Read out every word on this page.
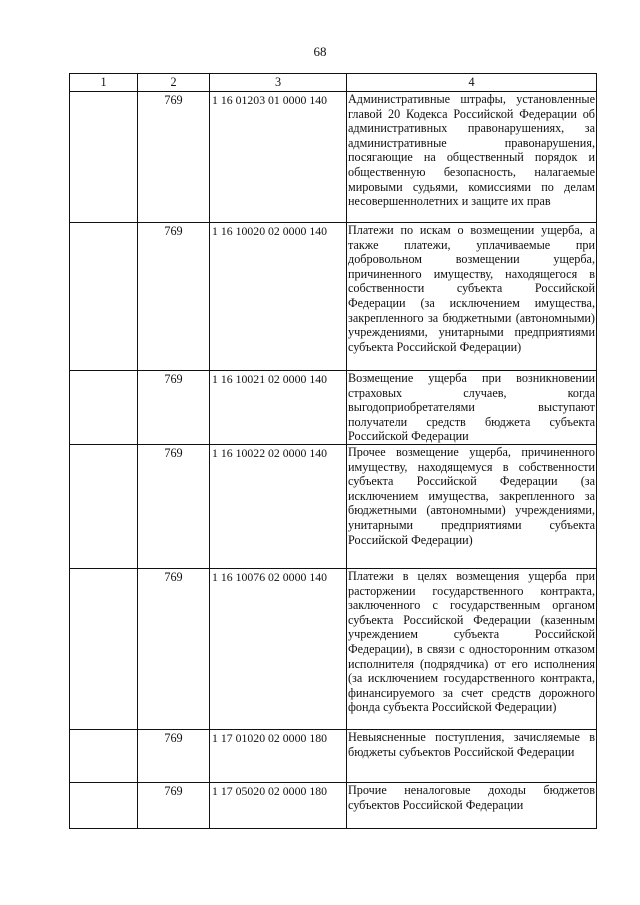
68
1	2	3	4
	769	1 16 01203 01 0000 140	Административные штрафы, установленные главой 20 Кодекса Российской Федерации об административных правонарушениях, за административные правонарушения, посягающие на общественный порядок и общественную безопасность, налагаемые мировыми судьями, комиссиями по делам несовершеннолетних и защите их прав
	769	1 16 10020 02 0000 140	Платежи по искам о возмещении ущерба, а также платежи, уплачиваемые при добровольном возмещении ущерба, причиненного имуществу, находящегося в собственности субъекта Российской Федерации (за исключением имущества, закрепленного за бюджетными (автономными) учреждениями, унитарными предприятиями субъекта Российской Федерации)
	769	1 16 10021 02 0000 140	Возмещение ущерба при возникновении страховых случаев, когда выгодоприобретателями выступают получатели средств бюджета субъекта Российской Федерации
	769	1 16 10022 02 0000 140	Прочее возмещение ущерба, причиненного имуществу, находящемуся в собственности субъекта Российской Федерации (за исключением имущества, закрепленного за бюджетными (автономными) учреждениями, унитарными предприятиями субъекта Российской Федерации)
	769	1 16 10076 02 0000 140	Платежи в целях возмещения ущерба при расторжении государственного контракта, заключенного с государственным органом субъекта Российской Федерации (казенным учреждением субъекта Российской Федерации), в связи с односторонним отказом исполнителя (подрядчика) от его исполнения (за исключением государственного контракта, финансируемого за счет средств дорожного фонда субъекта Российской Федерации)
	769	1 17 01020 02 0000 180	Невыясненные поступления, зачисляемые в бюджеты субъектов Российской Федерации
	769	1 17 05020 02 0000 180	Прочие неналоговые доходы бюджетов субъектов Российской Федерации
